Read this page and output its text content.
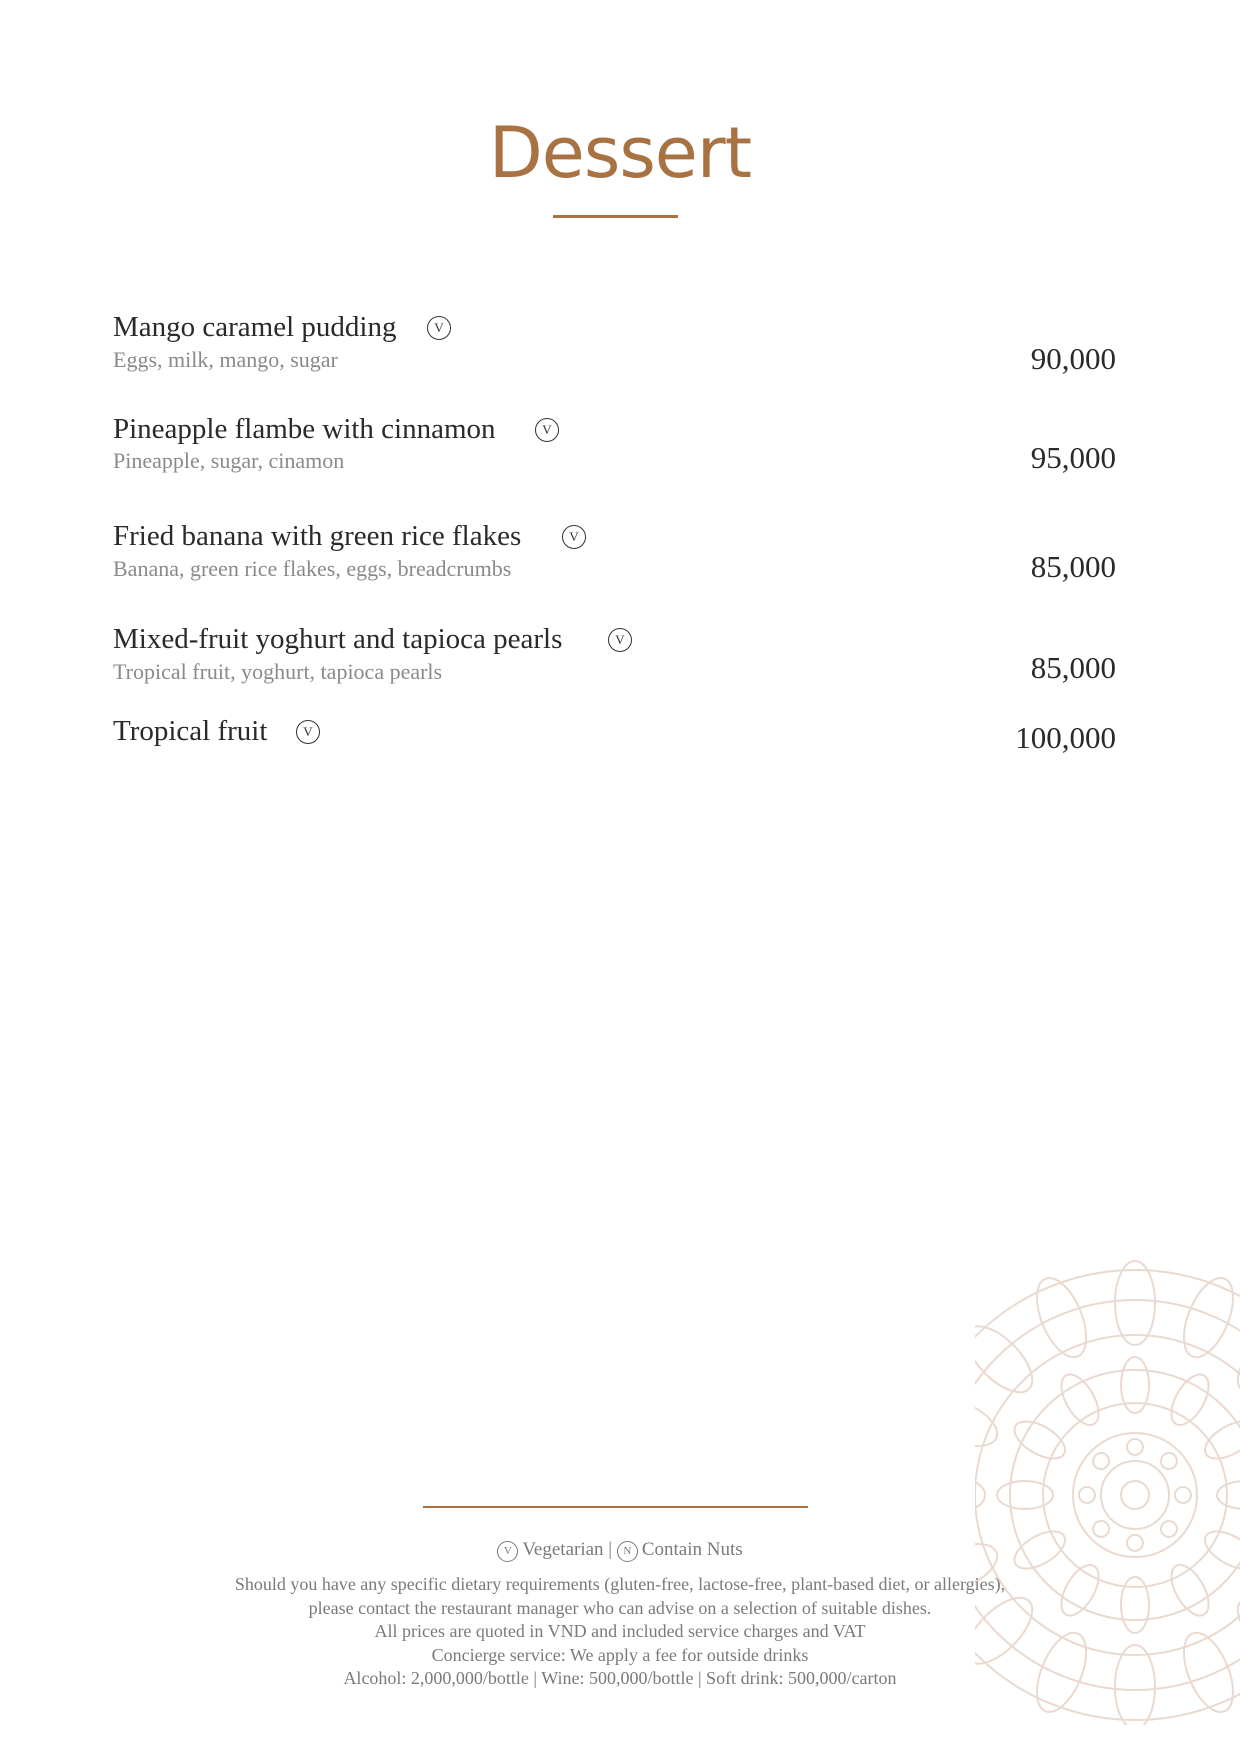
Dessert
Mango caramel pudding	V
Eggs, milk, mango, sugar	90,000
Pineapple flambe with cinnamon	V
Pineapple, sugar, cinamon	95,000
Fried banana with green rice flakes	V
Banana, green rice flakes, eggs, breadcrumbs	85,000
Mixed-fruit yoghurt and tapioca pearls	V
Tropical fruit, yoghurt, tapioca pearls	85,000
Tropical fruit	V	100,000
V Vegetarian | N Contain Nuts
Should you have any specific dietary requirements (gluten-free, lactose-free, plant-based diet, or allergies),
please contact the restaurant manager who can advise on a selection of suitable dishes.
All prices are quoted in VND and included service charges and VAT
Concierge service: We apply a fee for outside drinks
Alcohol: 2,000,000/bottle | Wine: 500,000/bottle | Soft drink: 500,000/carton
